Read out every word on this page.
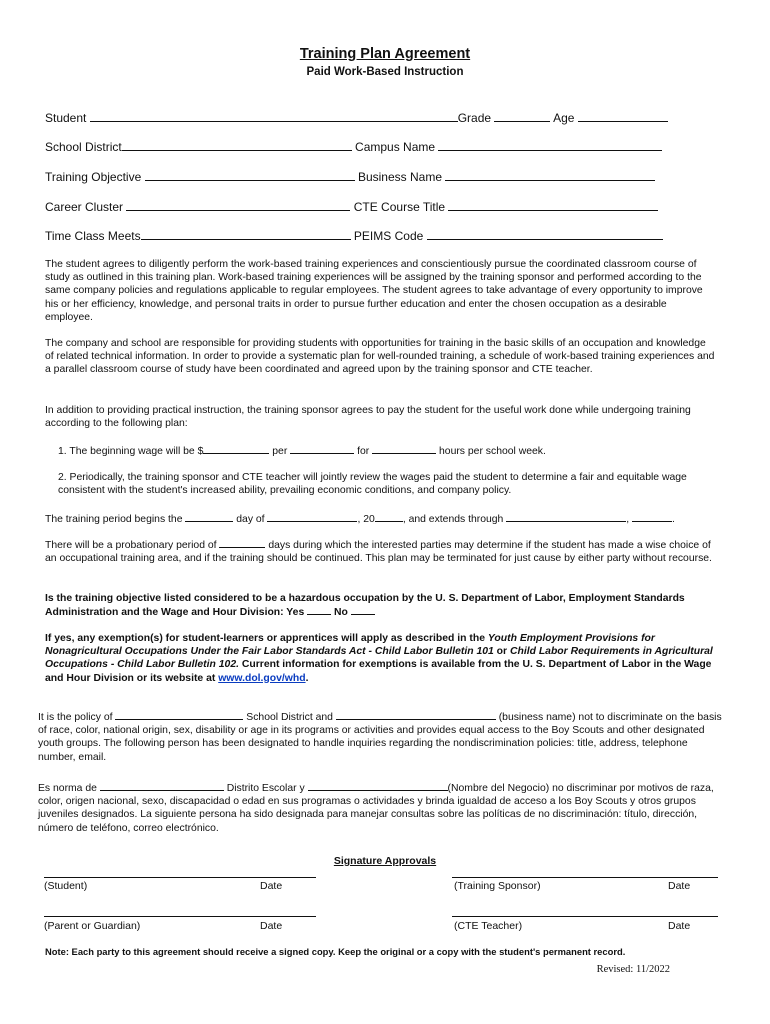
Training Plan Agreement
Paid Work-Based Instruction
Student	Grade	Age
School District	Campus Name
Training Objective	Business Name
Career Cluster	CTE Course Title
Time Class Meets	PEIMS Code
The student agrees to diligently perform the work-based training experiences and conscientiously pursue the coordinated classroom course of study as outlined in this training plan. Work-based training experiences will be assigned by the training sponsor and performed according to the same company policies and regulations applicable to regular employees. The student agrees to take advantage of every opportunity to improve his or her efficiency, knowledge, and personal traits in order to pursue further education and enter the chosen occupation as a desirable employee.
The company and school are responsible for providing students with opportunities for training in the basic skills of an occupation and knowledge of related technical information. In order to provide a systematic plan for well-rounded training, a schedule of work-based training experiences and a parallel classroom course of study have been coordinated and agreed upon by the training sponsor and CTE teacher.
In addition to providing practical instruction, the training sponsor agrees to pay the student for the useful work done while undergoing training according to the following plan:
1. The beginning wage will be $	per	for	hours per school week.
2. Periodically, the training sponsor and CTE teacher will jointly review the wages paid the student to determine a fair and equitable wage consistent with the student's increased ability, prevailing economic conditions, and company policy.
The training period begins the	day of	, 20	, and extends through	,	.
There will be a probationary period of	days during which the interested parties may determine if the student has made a wise choice of an occupational training area, and if the training should be continued. This plan may be terminated for just cause by either party without recourse.
Is the training objective listed considered to be a hazardous occupation by the U. S. Department of Labor, Employment Standards Administration and the Wage and Hour Division: Yes	No
If yes, any exemption(s) for student-learners or apprentices will apply as described in the Youth Employment Provisions for Nonagricultural Occupations Under the Fair Labor Standards Act - Child Labor Bulletin 101 or Child Labor Requirements in Agricultural Occupations - Child Labor Bulletin 102. Current information for exemptions is available from the U. S. Department of Labor in the Wage and Hour Division or its website at www.dol.gov/whd.
It is the policy of	School District and	(business name) not to discriminate on the basis of race, color, national origin, sex, disability or age in its programs or activities and provides equal access to the Boy Scouts and other designated youth groups. The following person has been designated to handle inquiries regarding the nondiscrimination policies: title, address, telephone number, email.
Es norma de	Distrito Escolar y	(Nombre del Negocio) no discriminar por motivos de raza, color, origen nacional, sexo, discapacidad o edad en sus programas o actividades y brinda igualdad de acceso a los Boy Scouts y otros grupos juveniles designados. La siguiente persona ha sido designada para manejar consultas sobre las políticas de no discriminación: título, dirección, número de teléfono, correo electrónico.
Signature Approvals
(Student)	Date	(Training Sponsor)	Date
(Parent or Guardian)	Date	(CTE Teacher)	Date
Note: Each party to this agreement should receive a signed copy. Keep the original or a copy with the student's permanent record.
Revised: 11/2022
